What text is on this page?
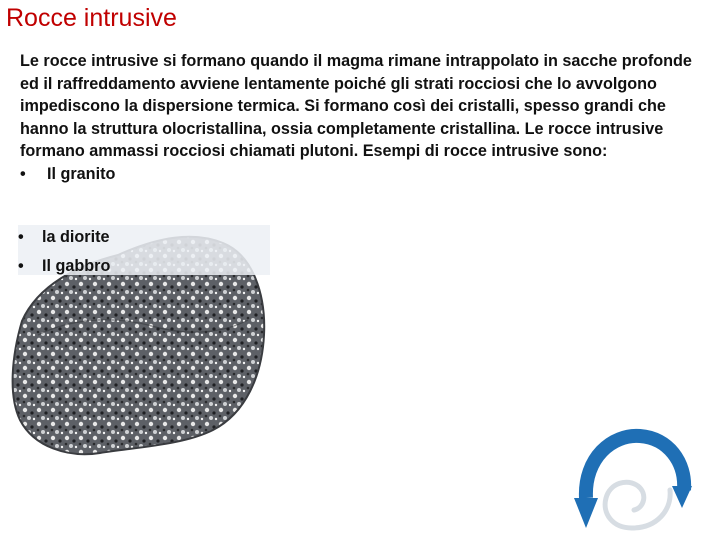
Rocce intrusive
•la diorite
•Il gabbro
Le rocce intrusive si formano quando il magma rimane intrappolato in sacche profonde ed il raffreddamento avviene lentamente poiché gli strati rocciosi che lo avvolgono impediscono la dispersione termica. Si formano così dei cristalli, spesso grandi che hanno la struttura olocristallina, ossia completamente cristallina. Le rocce intrusive formano ammassi rocciosi chiamati plutoni. Esempi di rocce intrusive sono:
•Il granito
